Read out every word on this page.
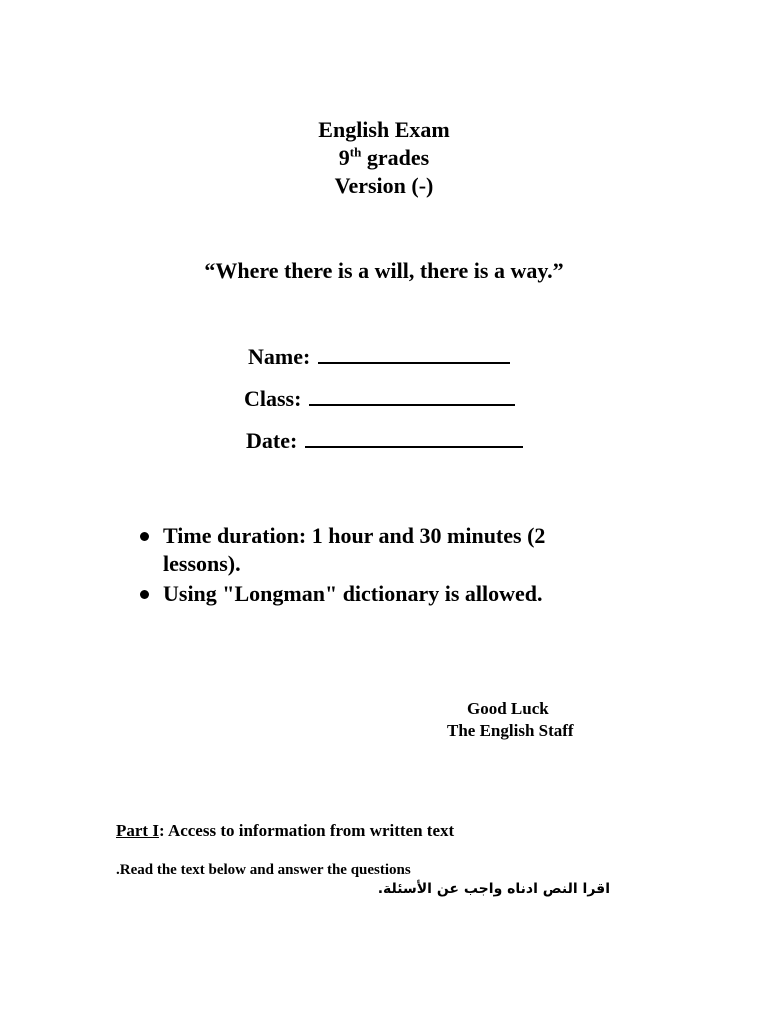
English Exam
9th grades
Version (-)
“Where there is a will, there is a way.”
Name:
Class:
Date:
Time duration: 1 hour and 30 minutes (2 lessons).
Using "Longman" dictionary is allowed.
Good Luck
The English Staff
Part I: Access to information from written text
.Read the text below and answer the questions
اقرا النص ادناه واجب عن الأسئلة.
